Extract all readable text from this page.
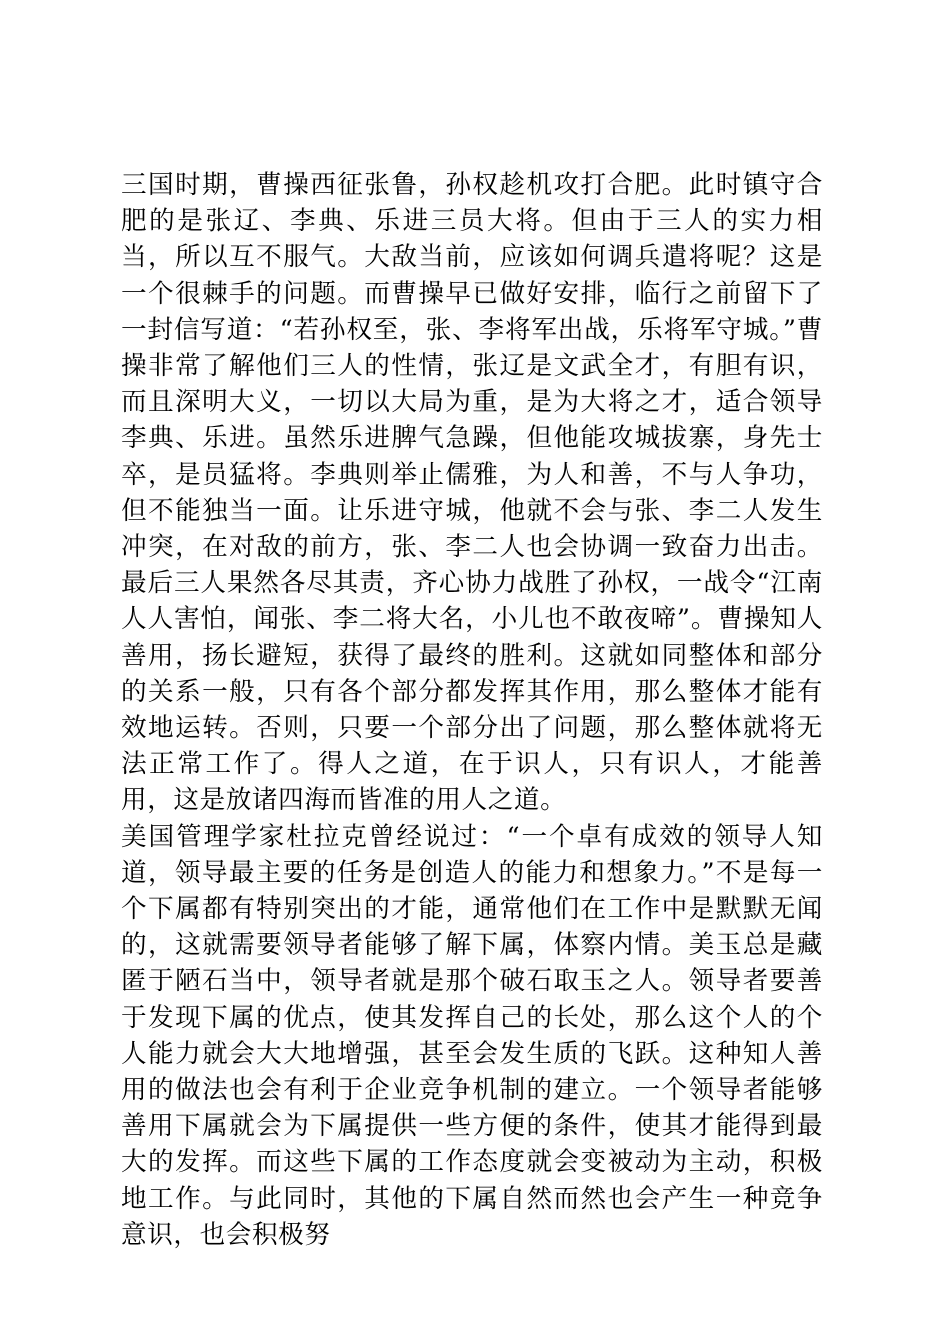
三国时期，曹操西征张鲁，孙权趁机攻打合肥。此时镇守合肥的是张辽、李典、乐进三员大将。但由于三人的实力相当，所以互不服气。大敌当前，应该如何调兵遣将呢？这是一个很棘手的问题。而曹操早已做好安排，临行之前留下了一封信写道：“若孙权至，张、李将军出战，乐将军守城。”曹操非常了解他们三人的性情，张辽是文武全才，有胆有识，而且深明大义，一切以大局为重，是为大将之才，适合领导李典、乐进。虽然乐进脾气急躁，但他能攻城拔寨，身先士卒，是员猛将。李典则举止儒雅，为人和善，不与人争功，但不能独当一面。让乐进守城，他就不会与张、李二人发生冲突，在对敌的前方，张、李二人也会协调一致奋力出击。最后三人果然各尽其责，齐心协力战胜了孙权，一战令“江南人人害怕，闻张、李二将大名，小儿也不敢夜啼”。曹操知人善用，扬长避短，获得了最终的胜利。这就如同整体和部分的关系一般，只有各个部分都发挥其作用，那么整体才能有效地运转。否则，只要一个部分出了问题，那么整体就将无法正常工作了。得人之道，在于识人，只有识人，才能善用，这是放诸四海而皆准的用人之道。

美国管理学家杜拉克曾经说过：“一个卓有成效的领导人知道，领导最主要的任务是创造人的能力和想象力。”不是每一个下属都有特别突出的才能，通常他们在工作中是默默无闻的，这就需要领导者能够了解下属，体察内情。美玉总是藏匿于陋石当中，领导者就是那个破石取玉之人。领导者要善于发现下属的优点，使其发挥自己的长处，那么这个人的个人能力就会大大地增强，甚至会发生质的飞跃。这种知人善用的做法也会有利于企业竞争机制的建立。一个领导者能够善用下属就会为下属提供一些方便的条件，使其才能得到最大的发挥。而这些下属的工作态度就会变被动为主动，积极地工作。与此同时，其他的下属自然而然也会产生一种竞争意识，也会积极努
